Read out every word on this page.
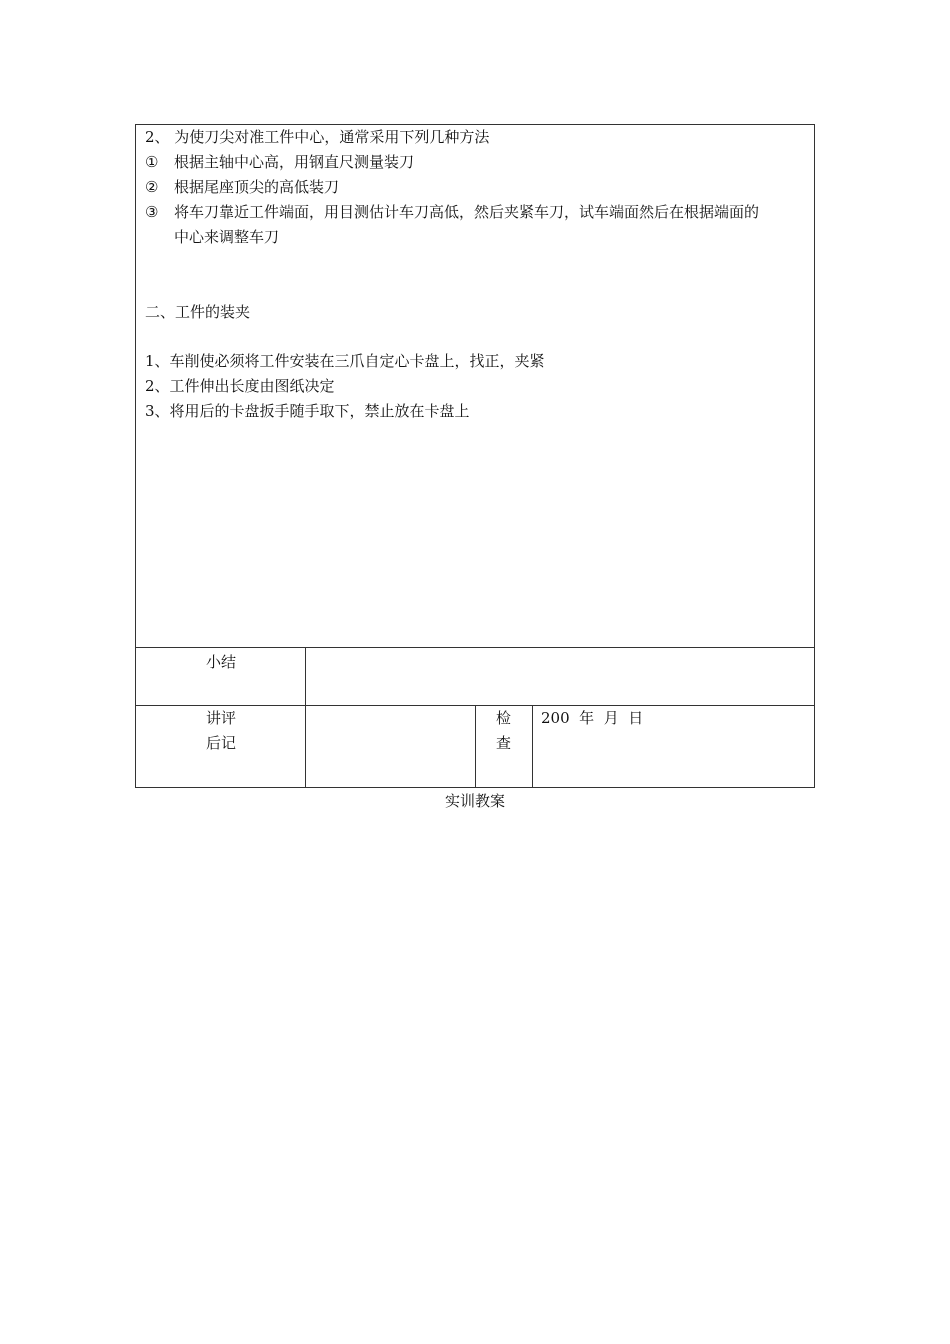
2、 为使刀尖对准工件中心，通常采用下列几种方法
① 根据主轴中心高，用钢直尺测量装刀
② 根据尾座顶尖的高低装刀
③ 将车刀靠近工件端面，用目测估计车刀高低，然后夹紧车刀，试车端面然后在根据端面的
中心来调整车刀
二、工件的装夹
1、车削使必须将工件安装在三爪自定心卡盘上，找正，夹紧
2、工件伸出长度由图纸决定
3、将用后的卡盘扳手随手取下，禁止放在卡盘上
小结
讲评
后记
检
查
200  年  月  日
实训教案
